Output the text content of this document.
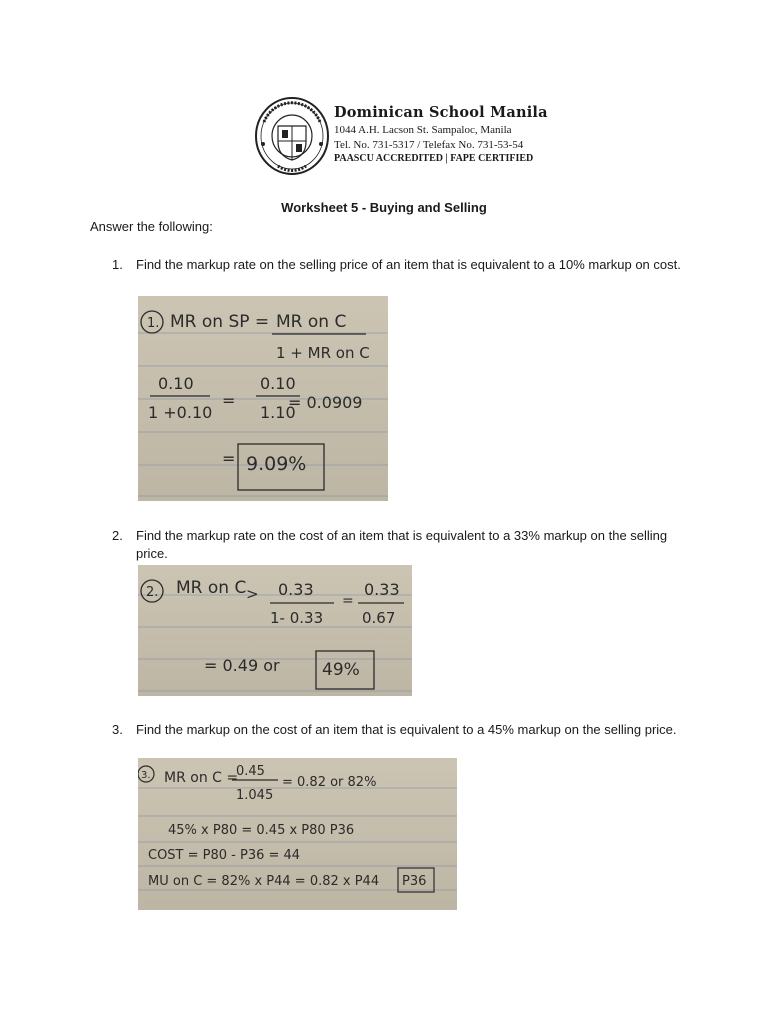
Dominican School Manila
1044 A.H. Lacson St. Sampaloc, Manila
Tel. No. 731-5317 / Telefax No. 731-53-54
PAASCU ACCREDITED | FAPE CERTIFIED
Worksheet 5 - Buying and Selling
Answer the following:
1. Find the markup rate on the selling price of an item that is equivalent to a 10% markup on cost.
1. MR on SP = MR on C
1 + MR on C
0.10
1 +0.10
=
0.10
1.10
= 0.0909
= 9.09%
2. Find the markup rate on the cost of an item that is equivalent to a 33% markup on the selling price.
2. MR on C > 0.33
1- 0.33
=
0.33
0.67
= 0.49 or 49%
3. Find the markup on the cost of an item that is equivalent to a 45% markup on the selling price.
3. MR on C =
0.45
1.045
= 0.82 or 82%
45% x P80 = 0.45 x P80 P36
COST = P80 - P36 = 44
MU on C = 82% x P44 = 0.82 x P44 P36
